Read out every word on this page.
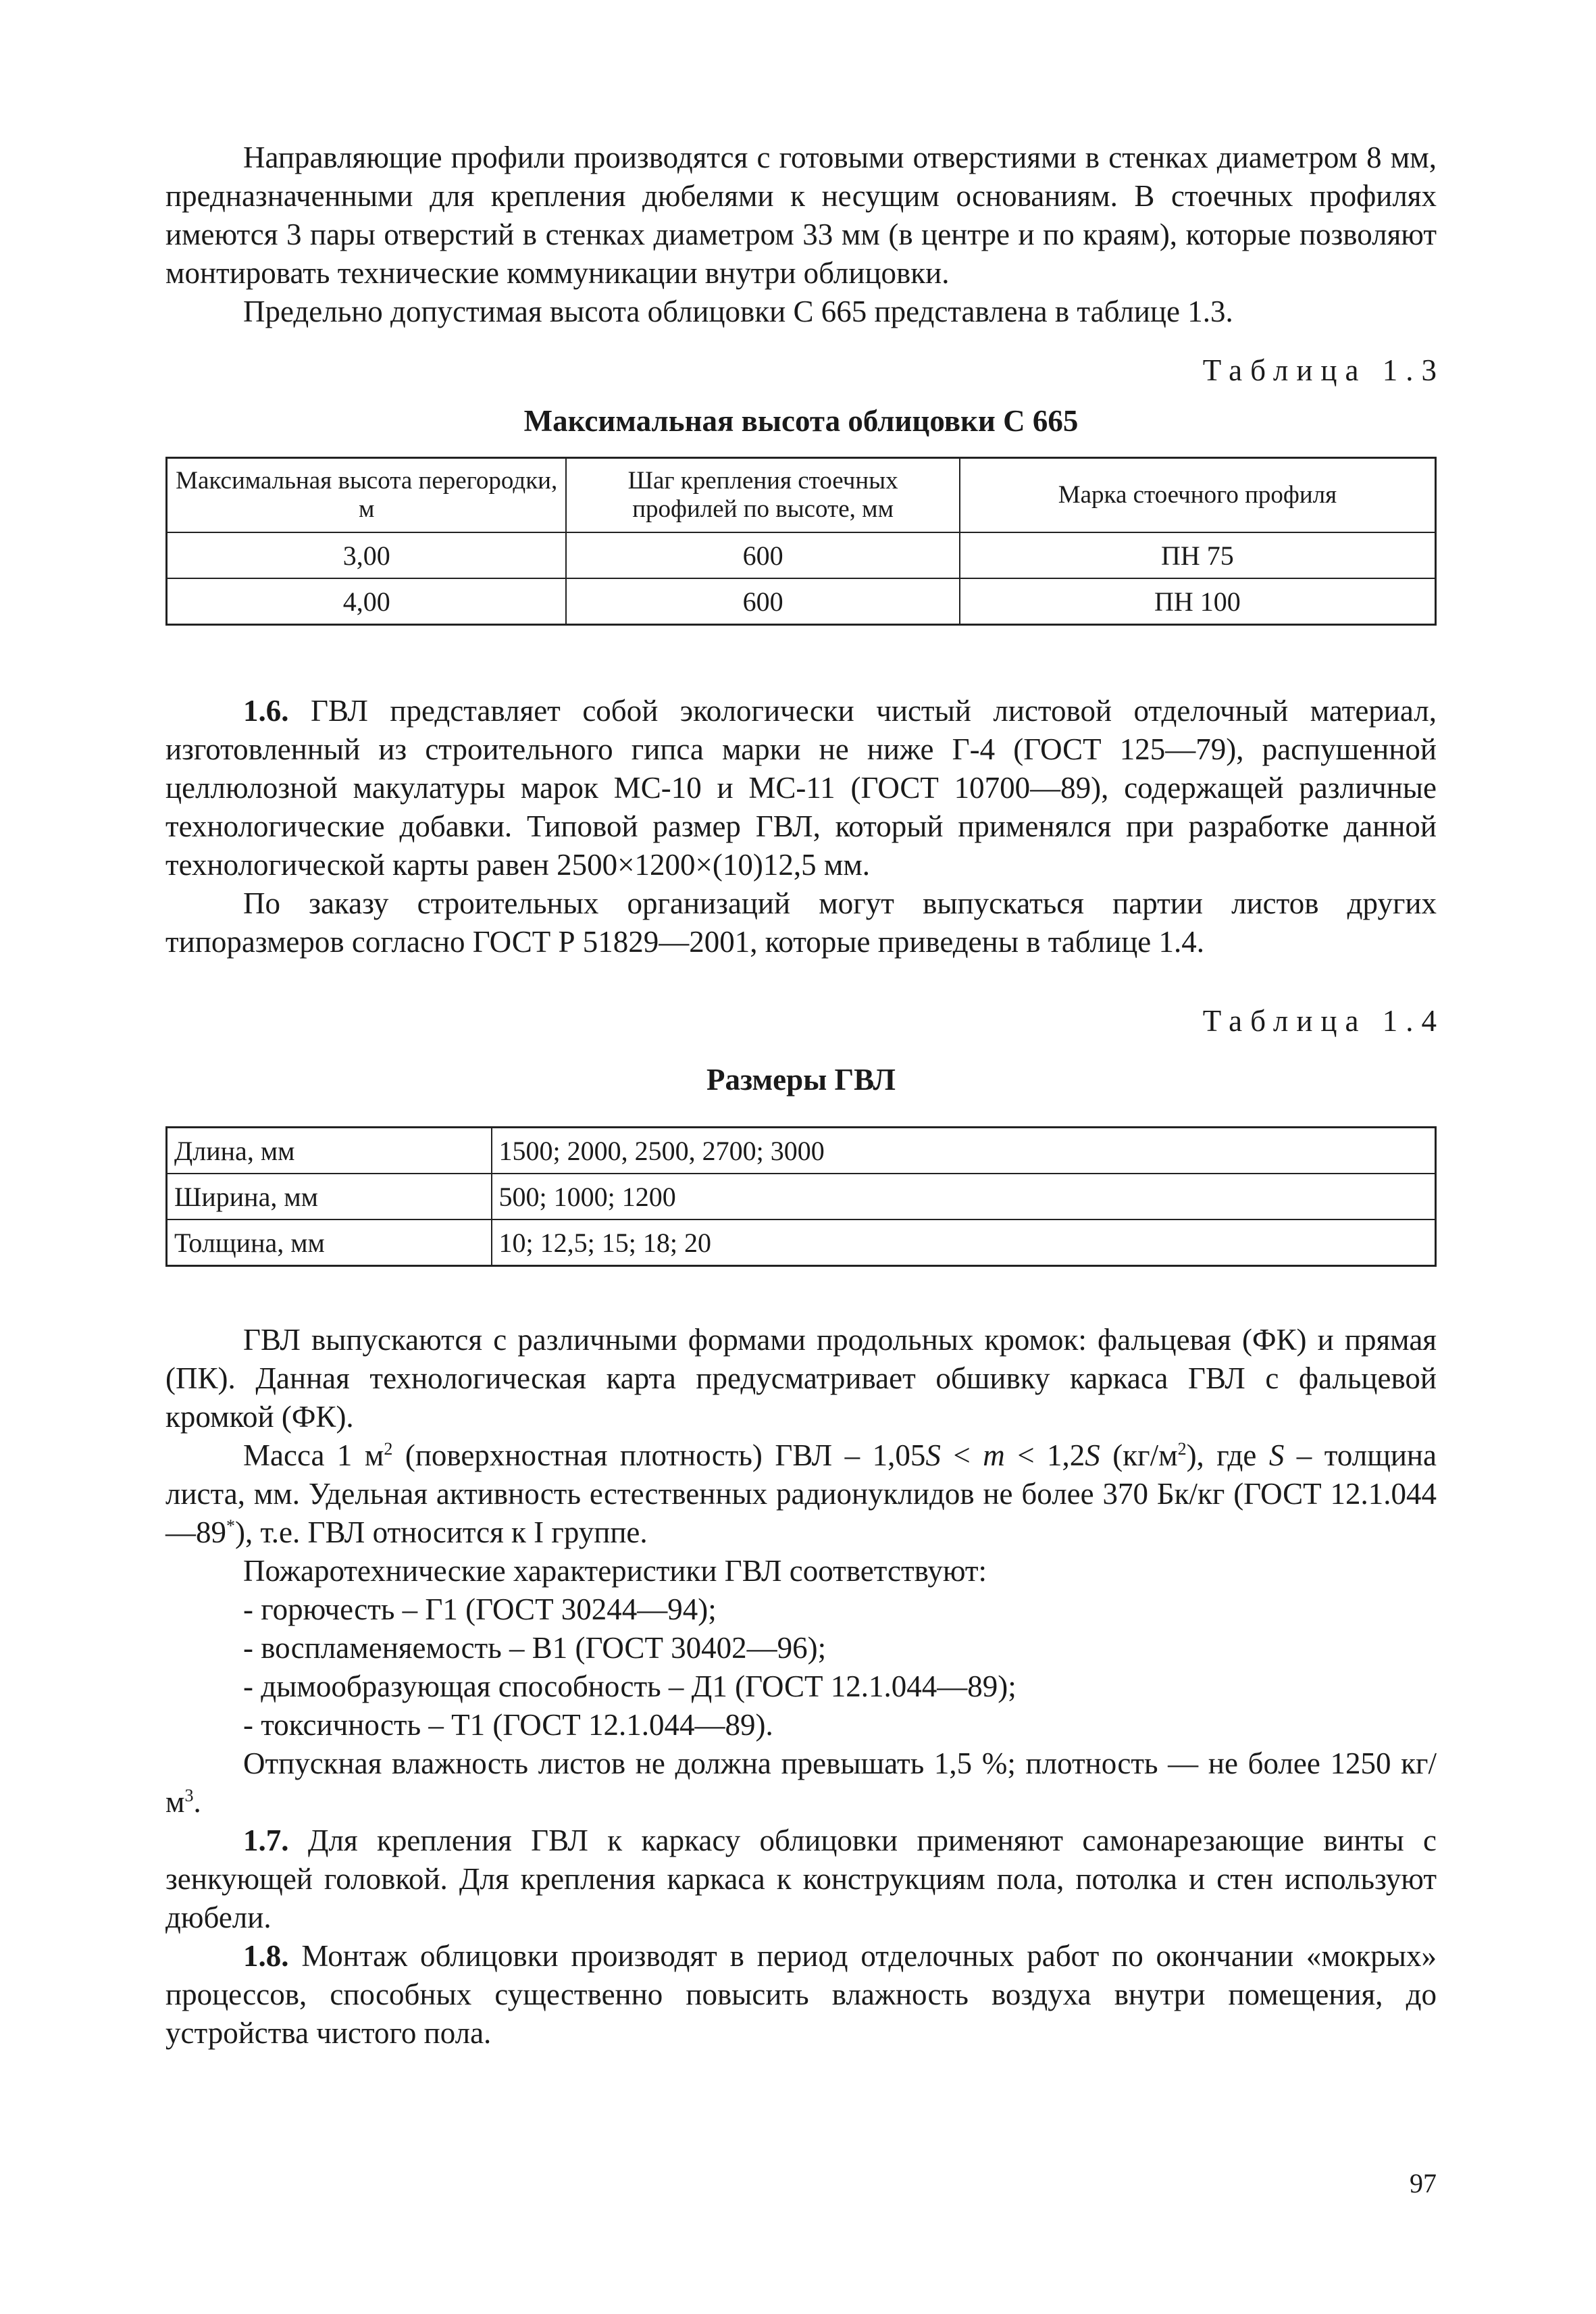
Направляющие профили производятся с готовыми отверстиями в стенках диаметром 8 мм, предназначенными для крепления дюбелями к несущим основаниям. В стоечных профилях имеются 3 пары отверстий в стенках диаметром 33 мм (в центре и по краям), которые позволяют монтировать технические коммуникации внутри облицовки.

Предельно допустимая высота облицовки С 665 представлена в таблице 1.3.

Таблица 1.3

Максимальная высота облицовки С 665

Максимальная высота перегородки, м	Шаг крепления стоечных профилей по высоте, мм	Марка стоечного профиля
3,00	600	ПН 75
4,00	600	ПН 100

1.6. ГВЛ представляет собой экологически чистый листовой отделочный материал, изготовленный из строительного гипса марки не ниже Г-4 (ГОСТ 125—79), распушенной целлюлозной макулатуры марок МС-10 и МС-11 (ГОСТ 10700—89), содержащей различные технологические добавки. Типовой размер ГВЛ, который применялся при разработке данной технологической карты равен 2500×1200×(10)12,5 мм.

По заказу строительных организаций могут выпускаться партии листов других типоразмеров согласно ГОСТ Р 51829—2001, которые приведены в таблице 1.4.

Таблица 1.4

Размеры ГВЛ

Длина, мм	1500; 2000, 2500, 2700; 3000
Ширина, мм	500; 1000; 1200
Толщина, мм	10; 12,5; 15; 18; 20

ГВЛ выпускаются с различными формами продольных кромок: фальцевая (ФК) и прямая (ПК). Данная технологическая карта предусматривает обшивку каркаса ГВЛ с фальцевой кромкой (ФК).

Масса 1 $м^2$ (поверхностная плотность) ГВЛ – 1,05S < m < 1,2S $(кг/м^2)$, где S – толщина листа, мм. Удельная активность естественных радионуклидов не более 370 Бк/кг (ГОСТ 12.1.044—89*), т.е. ГВЛ относится к I группе.

Пожаротехнические характеристики ГВЛ соответствуют:

- горючесть – Г1 (ГОСТ 30244—94);

- воспламеняемость – В1 (ГОСТ 30402—96);

- дымообразующая способность – Д1 (ГОСТ 12.1.044—89);

- токсичность – Т1 (ГОСТ 12.1.044—89).

Отпускная влажность листов не должна превышать 1,5 %; плотность — не более 1250 $кг/м^3$.

1.7. Для крепления ГВЛ к каркасу облицовки применяют самонарезающие винты с зенкующей головкой. Для крепления каркаса к конструкциям пола, потолка и стен используют дюбели.

1.8. Монтаж облицовки производят в период отделочных работ по окончании «мокрых» процессов, способных существенно повысить влажность воздуха внутри помещения, до устройства чистого пола.

97
